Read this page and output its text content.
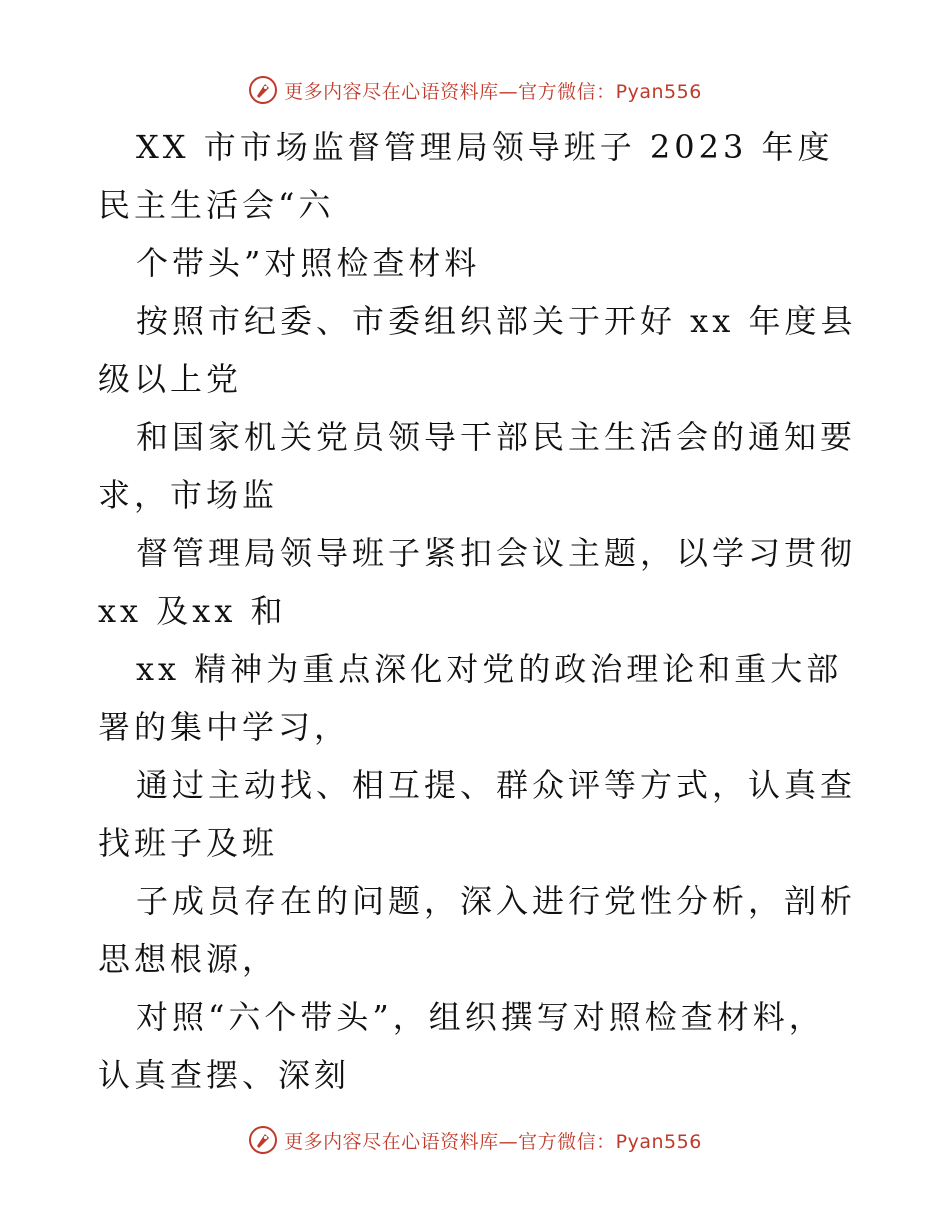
更多内容尽在心语资料库—官方微信：Pyan556

XX 市市场监督管理局领导班子 2023 年度民主生活会“六

个带头”对照检查材料

按照市纪委、市委组织部关于开好 xx 年度县级以上党

和国家机关党员领导干部民主生活会的通知要求，市场监

督管理局领导班子紧扣会议主题，以学习贯彻 xx 及xx 和

xx 精神为重点深化对党的政治理论和重大部署的集中学习，

通过主动找、相互提、群众评等方式，认真查找班子及班

子成员存在的问题，深入进行党性分析，剖析思想根源，

对照“六个带头”，组织撰写对照检查材料，认真查摆、深刻

更多内容尽在心语资料库—官方微信：Pyan556
